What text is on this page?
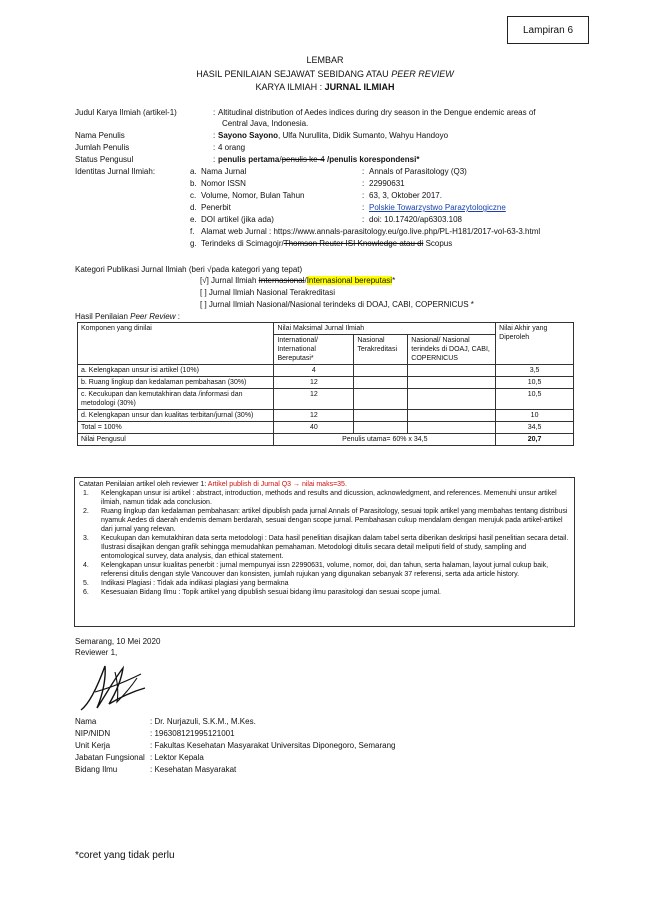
Lampiran 6
LEMBAR
HASIL PENILAIAN SEJAWAT SEBIDANG ATAU PEER REVIEW
KARYA ILMIAH : JURNAL ILMIAH
Judul Karya Ilmiah (artikel-1)	: Altitudinal distribution of Aedes indices during dry season in the Dengue endemic areas of
Central Java, Indonesia.
Nama Penulis	: Sayono Sayono, Ulfa Nurullita, Didik Sumanto, Wahyu Handoyo
Jumlah Penulis	: 4 orang
Status Pengusul	: penulis pertama/penulis ke-4 /penulis korespondensi*
Identitas Jurnal Ilmiah:	a. Nama Jurnal	: Annals of Parasitology (Q3)
b. Nomor ISSN	: 22990631
c. Volume, Nomor, Bulan Tahun	: 63, 3, Oktober 2017.
d. Penerbit	: Polskie Towarzystwo Parazytologiczne
e. DOI artikel (jika ada)	: doi: 10.17420/ap6303.108
f. Alamat web Jurnal : https://www.annals-parasitology.eu/go.live.php/PL-H181/2017-vol-63-3.html
g. Terindeks di Scimagojr/Thomson Reuter ISI Knowledge atau di Scopus
Kategori Publikasi Jurnal Ilmiah (beri √pada kategori yang tepat)
[√] Jurnal Ilmiah Internasional/Internasional bereputasi*
[ ] Jurnal Ilmiah Nasional Terakreditasi
[ ] Jurnal Ilmiah Nasional/Nasional terindeks di DOAJ, CABI, COPERNICUS *
Hasil Penilaian Peer Review :
Komponen yang dinilai	Nilai Maksimal Jurnal Ilmiah			Nilai Akhir yang Diperoleh
	International/ International Bereputasi*	Nasional Terakreditasi	Nasional/ Nasional terindeks di DOAJ, CABI, COPERNICUS	
a. Kelengkapan unsur isi artikel (10%)	4			3,5
b. Ruang lingkup dan kedalaman pembahasan (30%)	12			10,5
c. Kecukupan dan kemutakhiran data /informasi dan metodologi (30%)	12			10,5
d. Kelengkapan unsur dan kualitas terbitan/jurnal (30%)	12			10
Total = 100%	40			34,5
Nilai Pengusul	Penulis utama= 60% x 34,5			20,7
Catatan Penilaian artikel oleh reviewer 1: Artikel publish di Jurnal Q3 → nilai maks=35.
1. Kelengkapan unsur isi artikel : abstract, introduction, methods and results and dicussion, acknowledgment, and references. Memenuhi unsur artikel ilmiah, namun tidak ada conclusion.
2. Ruang lingkup dan kedalaman pembahasan: artikel dipublish pada jurnal Annals of Parasitology, sesuai topik artikel yang membahas tentang distribusi nyamuk Aedes di daerah endemis demam berdarah, sesuai dengan scope jurnal. Pembahasan cukup mendalam dengan merujuk pada artikel-artikel dari jurnal yang relevan.
3. Kecukupan dan kemutakhiran data serta metodologi : Data hasil penelitian disajikan dalam tabel serta diberikan deskripsi hasil penelitian secara detail. Ilustrasi disajikan dengan grafik sehingga memudahkan pemahaman. Metodologi ditulis secara detail meliputi field of study, sampling and entomological survey, data analysis, dan ethical statement.
4. Kelengkapan unsur kualitas penerbit : jurnal mempunyai issn 22990631, volume, nomor, doi, dan tahun, serta halaman, layout jurnal cukup baik, referensi ditulis dengan style Vancouver dan konsisten, jumlah rujukan yang digunakan sebanyak 37 referensi, serta ada article history.
5. Indikasi Plagiasi : Tidak ada indikasi plagiasi yang bermakna
6. Kesesuaian Bidang Ilmu : Topik artikel yang dipublish sesuai bidang ilmu parasitologi dan sesuai scope jurnal.
Semarang, 10 Mei 2020
Reviewer 1,
Nama	: Dr. Nurjazuli, S.K.M., M.Kes.
NIP/NIDN	: 196308121995121001
Unit Kerja	: Fakultas Kesehatan Masyarakat Universitas Diponegoro, Semarang
Jabatan Fungsional : Lektor Kepala
Bidang Ilmu	: Kesehatan Masyarakat
*coret yang tidak perlu
